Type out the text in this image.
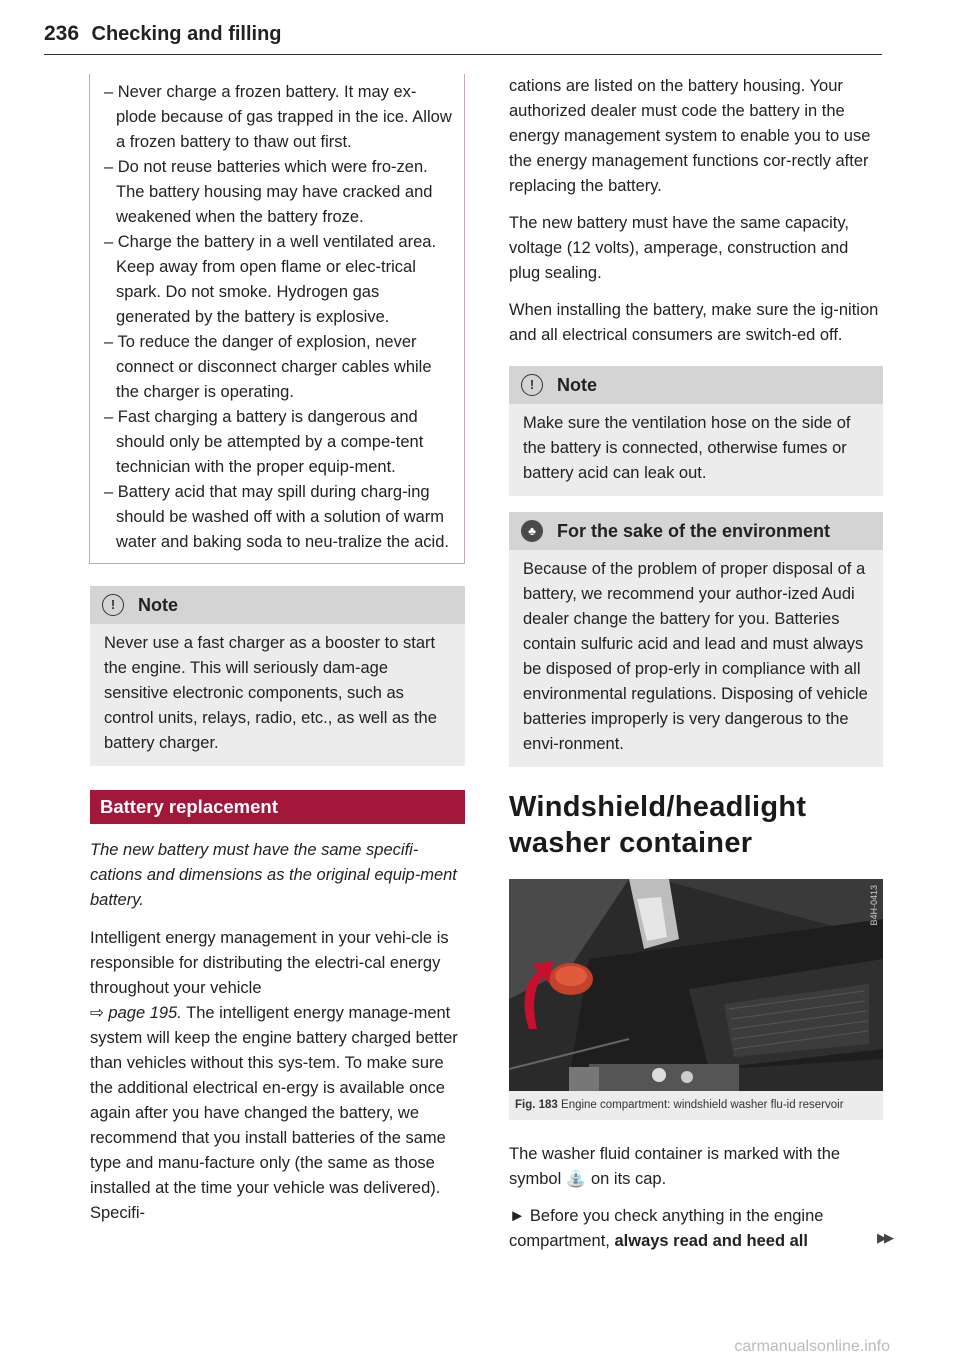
236 Checking and filling
– Never charge a frozen battery. It may ex-plode because of gas trapped in the ice. Allow a frozen battery to thaw out first.
– Do not reuse batteries which were fro-zen. The battery housing may have cracked and weakened when the battery froze.
– Charge the battery in a well ventilated area. Keep away from open flame or elec-trical spark. Do not smoke. Hydrogen gas generated by the battery is explosive.
– To reduce the danger of explosion, never connect or disconnect charger cables while the charger is operating.
– Fast charging a battery is dangerous and should only be attempted by a compe-tent technician with the proper equip-ment.
– Battery acid that may spill during charg-ing should be washed off with a solution of warm water and baking soda to neu-tralize the acid.
!	Note
Never use a fast charger as a booster to start the engine. This will seriously dam-age sensitive electronic components, such as control units, relays, radio, etc., as well as the battery charger.
Battery replacement

The new battery must have the same specifi-cations and dimensions as the original equip-ment battery.

Intelligent energy management in your vehi-cle is responsible for distributing the electri-cal energy throughout your vehicle
⇨ page 195. The intelligent energy manage-ment system will keep the engine battery charged better than vehicles without this sys-tem. To make sure the additional electrical en-ergy is available once again after you have changed the battery, we recommend that you install batteries of the same type and manu-facture only (the same as those installed at the time your vehicle was delivered). Specifi-

cations are listed on the battery housing. Your authorized dealer must code the battery in the energy management system to enable you to use the energy management functions cor-rectly after replacing the battery.

The new battery must have the same capacity, voltage (12 volts), amperage, construction and plug sealing.

When installing the battery, make sure the ig-nition and all electrical consumers are switch-ed off.

!	Note
Make sure the ventilation hose on the side of the battery is connected, otherwise fumes or battery acid can leak out.
♣	For the sake of the environment
Because of the problem of proper disposal of a battery, we recommend your author-ized Audi dealer change the battery for you. Batteries contain sulfuric acid and lead and must always be disposed of prop-erly in compliance with all environmental regulations. Disposing of vehicle batteries improperly is very dangerous to the envi-ronment.
Windshield/headlight
washer container
B4H-0413
Fig. 183 Engine compartment: windshield washer flu-id reservoir

The washer fluid container is marked with the symbol ⛲ on its cap.

► Before you check anything in the engine compartment, always read and heed all	▶▶

carmanualsonline.info
